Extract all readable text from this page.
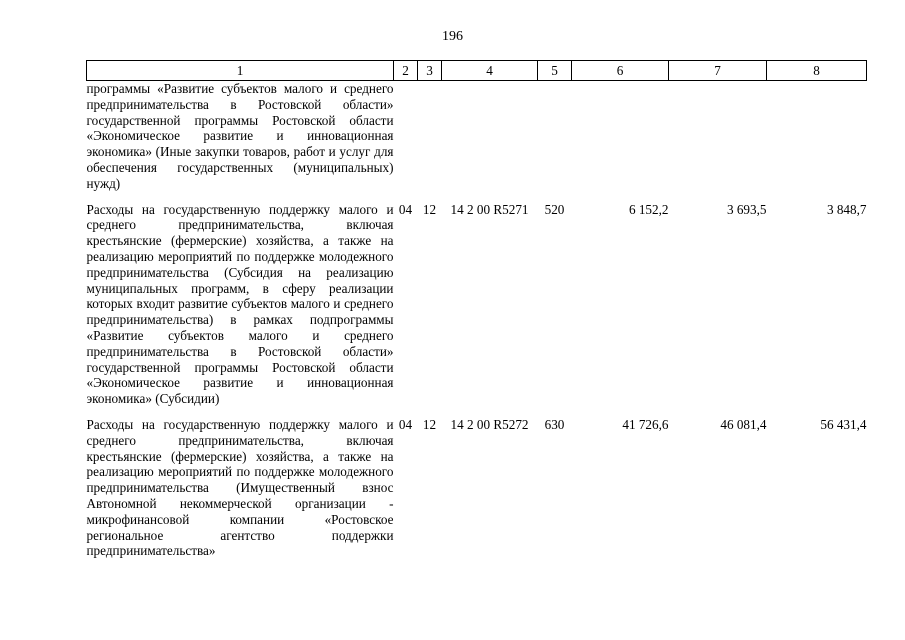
196
1	2	3	4	5	6	7	8
программы «Развитие субъектов малого и среднего предпринимательства в Ростовской области» государственной программы Ростовской области «Экономическое развитие и инновационная экономика» (Иные закупки товаров, работ и услуг для обеспечения государственных (муниципальных) нужд)							

Расходы на государственную поддержку малого и среднего предпринимательства, включая крестьянские (фермерские) хозяйства, а также на реализацию мероприятий по поддержке молодежного предпринимательства (Субсидия на реализацию муниципальных программ, в сферу реализации которых входит развитие субъектов малого и среднего предпринимательства) в рамках подпрограммы «Развитие субъектов малого и среднего предпринимательства в Ростовской области» государственной программы Ростовской области «Экономическое развитие и инновационная экономика» (Субсидии)	04	12	14 2 00 R5271	520	6 152,2	3 693,5	3 848,7

Расходы на государственную поддержку малого и среднего предпринимательства, включая крестьянские (фермерские) хозяйства, а также на реализацию мероприятий по поддержке молодежного предпринимательства (Имущественный взнос Автономной некоммерческой организации - микрофинансовой компании «Ростовское региональное агентство поддержки предпринимательства»	04	12	14 2 00 R5272	630	41 726,6	46 081,4	56 431,4
